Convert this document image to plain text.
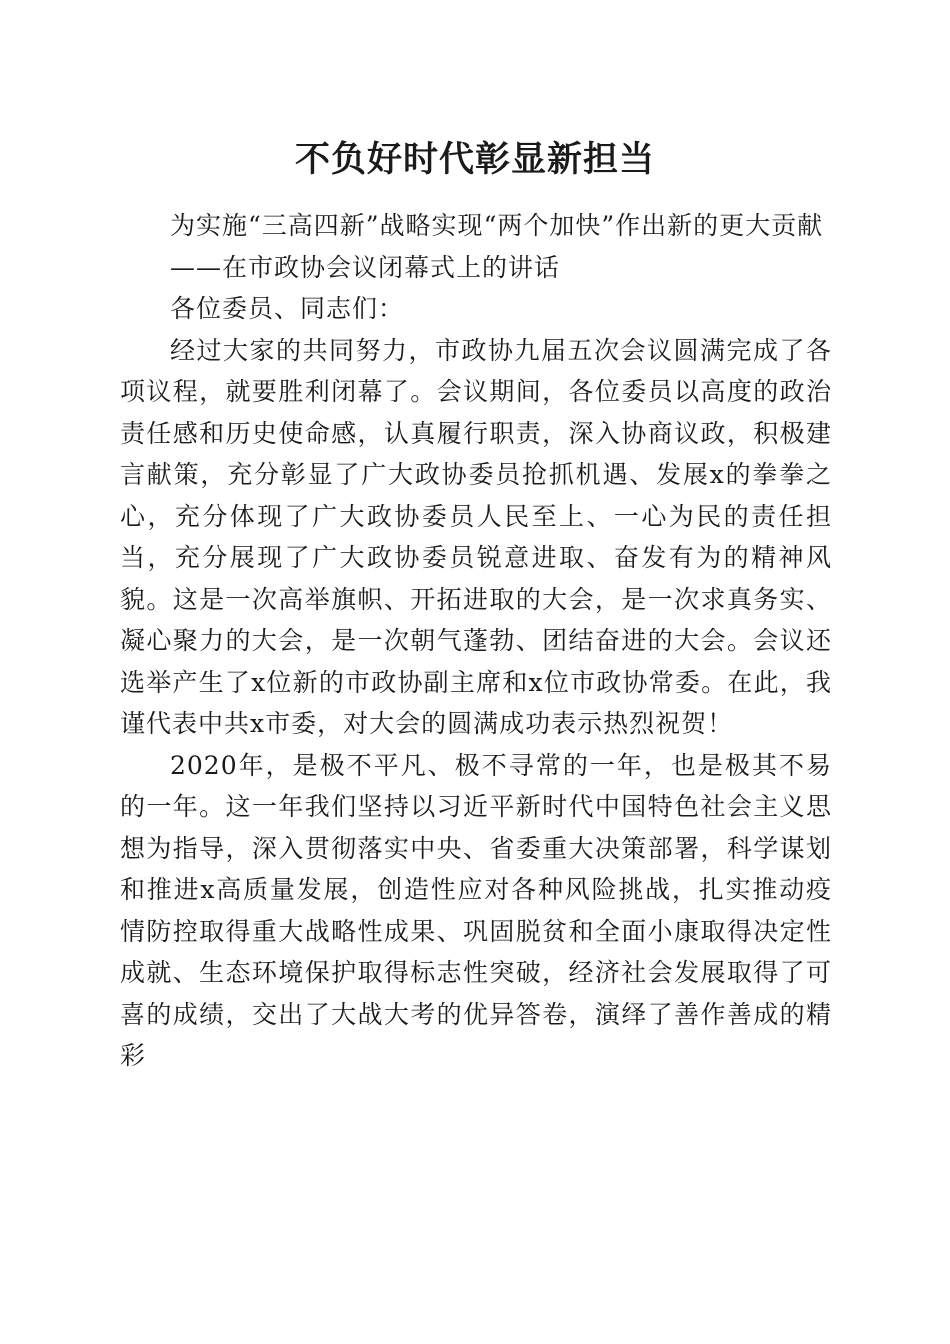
不负好时代彰显新担当

为实施“三高四新”战略实现“两个加快”作出新的更大贡献

——在市政协会议闭幕式上的讲话

各位委员、同志们：

经过大家的共同努力，市政协九届五次会议圆满完成了各项议程，就要胜利闭幕了。会议期间，各位委员以高度的政治责任感和历史使命感，认真履行职责，深入协商议政，积极建言献策，充分彰显了广大政协委员抢抓机遇、发展x的拳拳之心，充分体现了广大政协委员人民至上、一心为民的责任担当，充分展现了广大政协委员锐意进取、奋发有为的精神风貌。这是一次高举旗帜、开拓进取的大会，是一次求真务实、凝心聚力的大会，是一次朝气蓬勃、团结奋进的大会。会议还选举产生了x位新的市政协副主席和x位市政协常委。在此，我谨代表中共x市委，对大会的圆满成功表示热烈祝贺！

2020年，是极不平凡、极不寻常的一年，也是极其不易的一年。这一年我们坚持以习近平新时代中国特色社会主义思想为指导，深入贯彻落实中央、省委重大决策部署，科学谋划和推进x高质量发展，创造性应对各种风险挑战，扎实推动疫情防控取得重大战略性成果、巩固脱贫和全面小康取得决定性成就、生态环境保护取得标志性突破，经济社会发展取得了可喜的成绩，交出了大战大考的优异答卷，演绎了善作善成的精彩
